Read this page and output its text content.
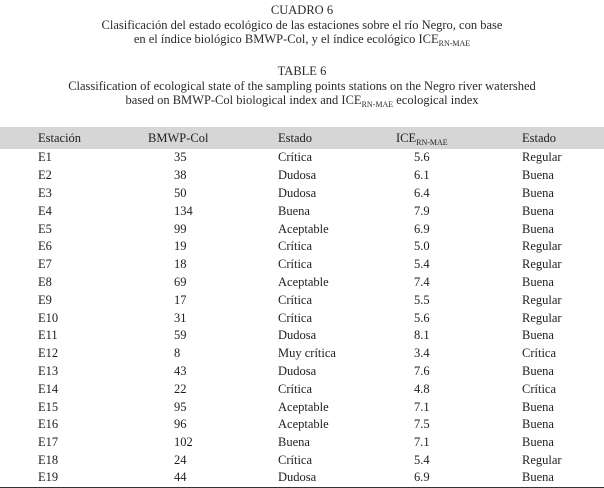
CUADRO 6
Clasificación del estado ecológico de las estaciones sobre el río Negro, con base
en el índice biológico BMWP-Col, y el índice ecológico $ICE_{RN-MAE}$
TABLE 6
Classification of ecological state of the sampling points stations on the Negro river watershed
based on BMWP-Col biological index and $ICE_{RN-MAE}$ ecological index
Estación	BMWP-Col	Estado	$ICE_{RN-MAE}$	Estado
E1	35	Crítica	5.6	Regular
E2	38	Dudosa	6.1	Buena
E3	50	Dudosa	6.4	Buena
E4	134	Buena	7.9	Buena
E5	99	Aceptable	6.9	Buena
E6	19	Crítica	5.0	Regular
E7	18	Crítica	5.4	Regular
E8	69	Aceptable	7.4	Buena
E9	17	Crítica	5.5	Regular
E10	31	Crítica	5.6	Regular
E11	59	Dudosa	8.1	Buena
E12	8	Muy crítica	3.4	Crítica
E13	43	Dudosa	7.6	Buena
E14	22	Crítica	4.8	Crítica
E15	95	Aceptable	7.1	Buena
E16	96	Aceptable	7.5	Buena
E17	102	Buena	7.1	Buena
E18	24	Crítica	5.4	Regular
E19	44	Dudosa	6.9	Buena
